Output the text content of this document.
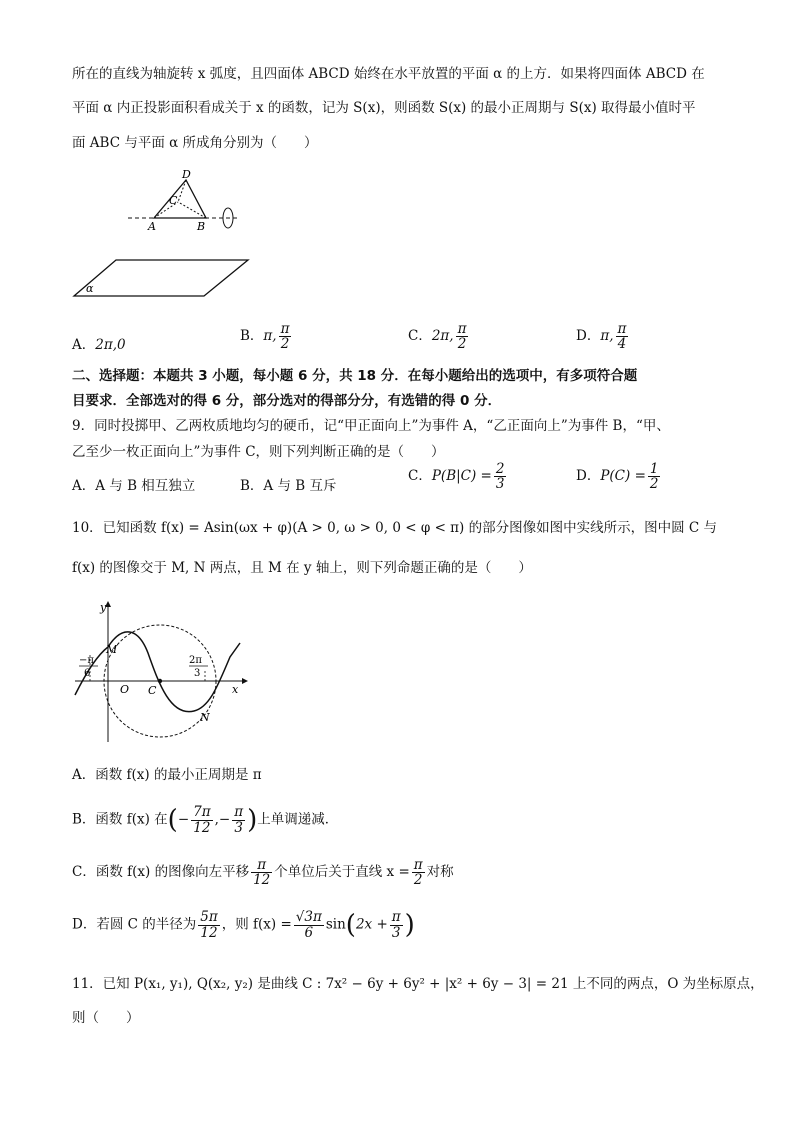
所在的直线为轴旋转 x 弧度，且四面体 ABCD 始终在水平放置的平面 α 的上方．如果将四面体 ABCD 在
平面 α 内正投影面积看成关于 x 的函数，记为 S(x)，则函数 S(x) 的最小正周期与 S(x) 取得最小值时平
面 ABC 与平面 α 所成角分别为（　　）
D
C
A	B
α
A．2π,0
B．π, $\frac{\pi}{2}$	C．2π, $\frac{\pi}{2}$	D．π, $\frac{\pi}{4}$
二、选择题：本题共 3 小题，每小题 6 分，共 18 分．在每小题给出的选项中，有多项符合题
目要求．全部选对的得 6 分，部分选对的得部分分，有选错的得 0 分．
9．同时投掷甲、乙两枚质地均匀的硬币，记“甲正面向上”为事件 A，“乙正面向上”为事件 B，“甲、
乙至少一枚正面向上”为事件 C，则下列判断正确的是（　　）
A．A 与 B 相互独立	B．A 与 B 互斥
C．$P(B|C) = \frac{2}{3}$	D．$P(C) = \frac{1}{2}$
10．已知函数 f(x) = Asin(ωx + φ)(A > 0, ω > 0, 0 < φ < π) 的部分图像如图中实线所示，图中圆 C 与
f(x) 的图像交于 M, N 两点，且 M 在 y 轴上，则下列命题正确的是（　　）
y
x
M
N
O C
−π
6
2π
3
A．函数 f(x) 的最小正周期是 π
B．函数 f(x) 在(− $\frac{7\pi}{12}$ ,− $\frac{\pi}{3}$ )上单调递减．
C．函数 f(x) 的图像向左平移 $\frac{\pi}{12}$ 个单位后关于直线 $x = \frac{\pi}{2}$ 对称
D．若圆 C 的半径为 $\frac{5\pi}{12}$ ，则 $f(x) = \frac{√3\pi}{6} \sin(2x + \frac{\pi}{3}$ )
11．已知 P(x₁, y₁), Q(x₂, y₂) 是曲线 C : 7x² − 6y + 6y² + |x² + 6y − 3| = 21 上不同的两点，O 为坐标原点，
则（　　）
